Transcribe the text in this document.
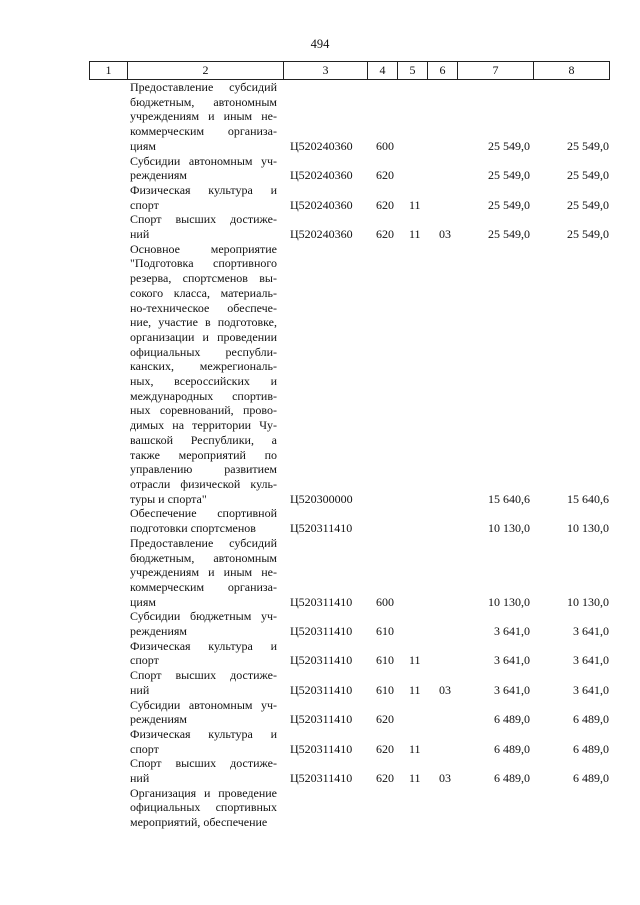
494
1	2	3	4	5	6	7	8
Предоставление субсидий
бюджетным, автономным
учреждениям и иным не-
коммерческим организа-
циям	Ц520240360 600	25 549,0	25 549,0
Субсидии автономным уч-
реждениям	Ц520240360 620	25 549,0	25 549,0
Физическая культура и
спорт	Ц520240360 620 11	25 549,0	25 549,0
Спорт высших достиже-
ний	Ц520240360 620 11 03	25 549,0	25 549,0
Основное мероприятие
"Подготовка спортивного
резерва, спортсменов вы-
сокого класса, материаль-
но-техническое обеспече-
ние, участие в подготовке,
организации и проведении
официальных республи-
канских, межрегиональ-
ных, всероссийских и
международных спортив-
ных соревнований, прово-
димых на территории Чу-
вашской Республики, а
также мероприятий по
управлению развитием
отрасли физической куль-
туры и спорта"	Ц520300000	15 640,6	15 640,6
Обеспечение спортивной
подготовки спортсменов	Ц520311410	10 130,0	10 130,0
Предоставление субсидий
бюджетным, автономным
учреждениям и иным не-
коммерческим организа-
циям	Ц520311410 600	10 130,0	10 130,0
Субсидии бюджетным уч-
реждениям	Ц520311410 610	3 641,0	3 641,0
Физическая культура и
спорт	Ц520311410 610 11	3 641,0	3 641,0
Спорт высших достиже-
ний	Ц520311410 610 11 03	3 641,0	3 641,0
Субсидии автономным уч-
реждениям	Ц520311410 620	6 489,0	6 489,0
Физическая культура и
спорт	Ц520311410 620 11	6 489,0	6 489,0
Спорт высших достиже-
ний	Ц520311410 620 11 03	6 489,0	6 489,0
Организация и проведение
официальных спортивных
мероприятий, обеспечение
